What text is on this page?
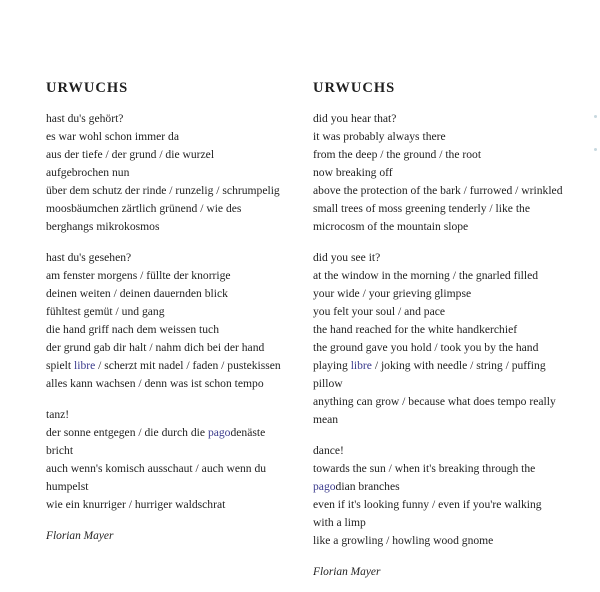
URWUCHS
hast du's gehört?
es war wohl schon immer da
aus der tiefe / der grund / die wurzel
aufgebrochen nun
über dem schutz der rinde / runzelig / schrumpelig
moosbäumchen zärtlich grünend / wie des
berghangs mikrokosmos
hast du's gesehen?
am fenster morgens / füllte der knorrige
deinen weiten / deinen dauernden blick
fühltest gemüt / und gang
die hand griff nach dem weissen tuch
der grund gab dir halt / nahm dich bei der hand
spielt libre / scherzt mit nadel / faden / pustekissen
alles kann wachsen / denn was ist schon tempo
tanz!
der sonne entgegen / die durch die pagodenäste
bricht
auch wenn's komisch ausschaut / auch wenn du
humpelst
wie ein knurriger / hurriger waldschrat
Florian Mayer
URWUCHS
did you hear that?
it was probably always there
from the deep / the ground / the root
now breaking off
above the protection of the bark / furrowed / wrinkled
small trees of moss greening tenderly / like the
microcosm of the mountain slope
did you see it?
at the window in the morning / the gnarled filled
your wide / your grieving glimpse
you felt your soul / and pace
the hand reached for the white handkerchief
the ground gave you hold / took you by the hand
playing libre / joking with needle / string / puffing
pillow
anything can grow / because what does tempo really
mean
dance!
towards the sun / when it's breaking through the
pagodian branches
even if it's looking funny / even if you're walking
with a limp
like a growling / howling wood gnome
Florian Mayer
